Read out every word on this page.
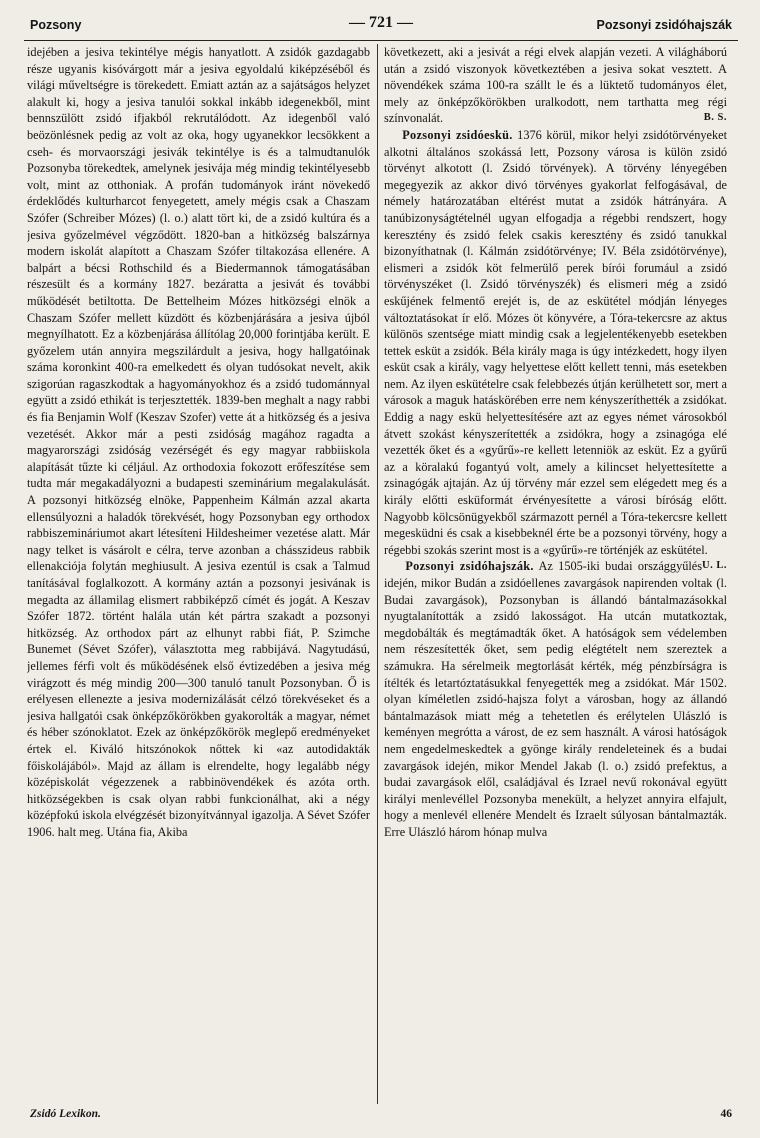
Pozsony	— 721 —	Pozsonyi zsidóhajszák

idejében a jesiva tekintélye mégis hanyatlott. A zsidók gazdagabb része ugyanis kisóvárgott már a jesiva egyoldalú kiképzéséből és világi műveltségre is törekedett. Emiatt aztán az a sajátságos helyzet alakult ki, hogy a jesiva tanulói sokkal inkább idegenekből, mint bennszülött zsidó ifjakból rekrutálódott. Az idegenből való beözönlésnek pedig az volt az oka, hogy ugyanekkor lecsökkent a cseh- és morvaországi jesivák tekintélye is és a talmudtanulók Pozsonyba törekedtek, amelynek jesivája még mindig tekintélyesebb volt, mint az otthoniak. A profán tudományok iránt növekedő érdeklődés kulturharcot fenyegetett, amely mégis csak a Chaszam Szófer (Schreiber Mózes) (l. o.) alatt tört ki, de a zsidó kultúra és a jesiva győzelmével végződött. 1820-ban a hitközség balszárnya modern iskolát alapított a Chaszam Szófer tiltakozása ellenére. A balpárt a bécsi Rothschild és a Biedermannok támogatásában részesült és a kormány 1827. bezáratta a jesivát és további működését betiltotta. De Bettelheim Mózes hitközségi elnök a Chaszam Szófer mellett küzdött és közbenjárására a jesiva újból megnyílhatott. Ez a közbenjárása állítólag 20,000 forintjába került. E győzelem után annyira megszilárdult a jesiva, hogy hallgatóinak száma koronkint 400-ra emelkedett és olyan tudósokat nevelt, akik szigorúan ragaszkodtak a hagyományokhoz és a zsidó tudománnyal együtt a zsidó ethikát is terjesztették. 1839-ben meghalt a nagy rabbi és fia Benjamin Wolf (Keszav Szofer) vette át a hitközség és a jesiva vezetését. Akkor már a pesti zsidóság magához ragadta a magyarországi zsidóság vezérségét és egy magyar rabbiiskola alapítását tűzte ki céljául. Az orthodoxia fokozott erőfeszítése sem tudta már megakadályozni a budapesti szeminárium megalakulását. A pozsonyi hitközség elnöke, Pappenheim Kálmán azzal akarta ellensúlyozni a haladók törekvését, hogy Pozsonyban egy orthodox rabbiszemináriumot akart létesíteni Hildesheimer vezetése alatt. Már nagy telket is vásárolt e célra, terve azonban a chásszideus rabbik ellenakciója folytán meghiusult. A jesiva ezentúl is csak a Talmud tanításával foglalkozott. A kormány aztán a pozsonyi jesivának is megadta az államilag elismert rabbiképző címét és jogát. A Keszav Szófer 1872. történt halála után két pártra szakadt a pozsonyi hitközség. Az orthodox párt az elhunyt rabbi fiát, P. Szimche Bunemet (Sévet Szófer), választotta meg rabbijává. Nagytudású, jellemes férfi volt és működésének első évtizedében a jesiva még virágzott és még mindig 200—300 tanuló tanult Pozsonyban. Ő is erélyesen ellenezte a jesiva modernizálását célzó törekvéseket és a jesiva hallgatói csak önképzőkörökben gyakorolták a magyar, német és héber szónoklatot. Ezek az önképzőkörök meglepő eredményeket értek el. Kiváló hitszónokok nőttek ki «az autodidakták főiskolájából». Majd az állam is elrendelte, hogy legalább négy középiskolát végezzenek a rabbinövendékek és azóta orth. hitközségekben is csak olyan rabbi funkcionálhat, aki a négy középfokú iskola elvégzését bizonyítvánnyal igazolja. A Sévet Szófer 1906. halt meg. Utána fia, Akiba

következett, aki a jesivát a régi elvek alapján vezeti. A világháború után a zsidó viszonyok következtében a jesiva sokat vesztett. A növendékek száma 100-ra szállt le és a lüktető tudományos élet, mely az önképzőkörökben uralkodott, nem tarthatta meg régi színvonalát.	B. S.

Pozsonyi zsidóeskü. 1376 körül, mikor helyi zsidótörvényeket alkotni általános szokássá lett, Pozsony városa is külön zsidó törvényt alkotott (l. Zsidó törvények). A törvény lényegében megegyezik az akkor divó törvényes gyakorlat felfogásával, de némely határozatában eltérést mutat a zsidók hátrányára. A tanúbizonyságtételnél ugyan elfogadja a régebbi rendszert, hogy keresztény és zsidó felek csakis keresztény és zsidó tanukkal bizonyíthatnak (l. Kálmán zsidótörvénye; IV. Béla zsidótörvénye), elismeri a zsidók köt felmerülő perek bírói forumául a zsidó törvényszéket (l. Zsidó törvényszék) és elismeri még a zsidó eskűjének felmentő erejét is, de az eskütétel módján lényeges változtatásokat ír elő. Mózes öt könyvére, a Tóra-tekercsre az aktus különös szentsége miatt mindig csak a legjelentékenyebb esetekben tettek esküt a zsidók. Béla király maga is úgy intézkedett, hogy ilyen esküt csak a király, vagy helyettese előtt kellett tenni, más esetekben nem. Az ilyen eskütételre csak felebbezés útján kerülhetett sor, mert a városok a maguk hatáskörében erre nem kényszeríthették a zsidókat. Eddig a nagy eskü helyettesítésére azt az egyes német városokból átvett szokást kényszerítették a zsidókra, hogy a zsinagóga elé vezették őket és a «gyűrű»-re kellett letenniök az esküt. Ez a gyűrű az a köralakú fogantyú volt, amely a kilincset helyettesítette a zsinagógák ajtaján. Az új törvény már ezzel sem elégedett meg és a király előtti esküformát érvényesítette a városi bíróság előtt. Nagyobb kölcsönügyekből származott pernél a Tóra-tekercsre kellett megesküdni és csak a kisebbeknél érte be a pozsonyi törvény, hogy a régebbi szokás szerint most is a «gyűrű»-re történjék az eskütétel.
U. L.

Pozsonyi zsidóhajszák. Az 1505-iki budai országgyűlés idején, mikor Budán a zsidóellenes zavargások napirenden voltak (l. Budai zavargások), Pozsonyban is állandó bántalmazásokkal nyugtalanították a zsidó lakosságot. Ha utcán mutatkoztak, megdobálták és megtámadták őket. A hatóságok sem védelemben nem részesítették őket, sem pedig elégtételt nem szereztek a számukra. Ha sérelmeik megtorlását kérték, még pénzbírságra is ítélték és letartóztatásukkal fenyegették meg a zsidókat. Már 1502. olyan kíméletlen zsidó-hajsza folyt a városban, hogy az állandó bántalmazások miatt még a tehetetlen és erélytelen Ulászló is keményen megrótta a várost, de ez sem használt. A városi hatóságok nem engedelmeskedtek a gyönge király rendeleteinek és a budai zavargások idején, mikor Mendel Jakab (l. o.) zsidó prefektus, a budai zavargások elől, családjával és Izrael nevű rokonával együtt királyi menlevéllel Pozsonyba menekült, a helyzet annyira elfajult, hogy a menlevél ellenére Mendelt és Izraelt súlyosan bántalmazták. Erre Ulászló három hónap mulva

Zsidó Lexikon.	46
